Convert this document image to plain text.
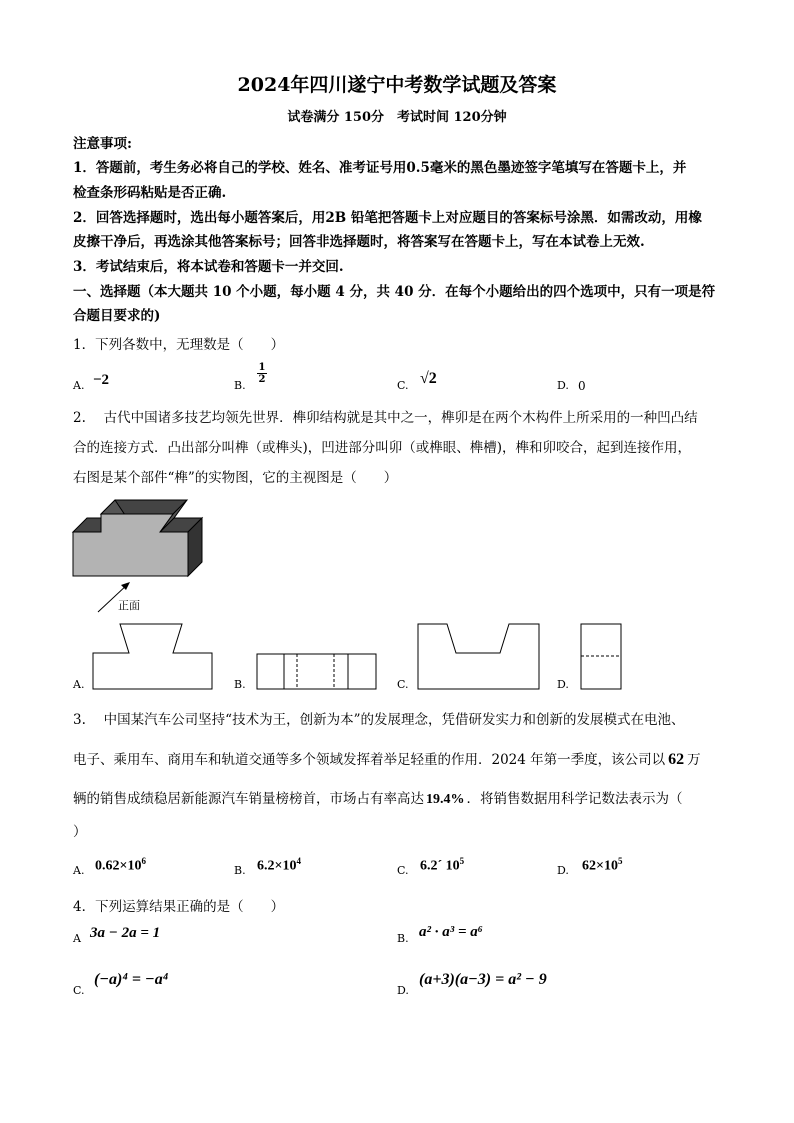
2024年四川遂宁中考数学试题及答案
试卷满分 150分　考试时间 120分钟
注意事项:
1．答题前，考生务必将自己的学校、姓名、准考证号用0.5毫米的黑色墨迹签字笔填写在答题卡上，并
检查条形码粘贴是否正确.
2．回答选择题时，选出每小题答案后，用2B 铅笔把答题卡上对应题目的答案标号涂黑．如需改动，用橡
皮擦干净后，再选涂其他答案标号；回答非选择题时，将答案写在答题卡上，写在本试卷上无效.
3．考试结束后，将本试卷和答题卡一并交回.
一、选择题（本大题共 10 个小题，每小题 4 分，共 40 分．在每个小题给出的四个选项中，只有一项是符
合题目要求的)
1．下列各数中，无理数是（　　）
A. −2	B.
$\frac{1}{2}$
C. √2	D. 0
2.　 古代中国诸多技艺均领先世界．榫卯结构就是其中之一，榫卯是在两个木构件上所采用的一种凹凸结
合的连接方式．凸出部分叫榫（或榫头)，凹进部分叫卯（或榫眼、榫槽)，榫和卯咬合，起到连接作用，
右图是某个部件“榫”的实物图，它的主视图是（　　）
正面
A.	B.	C.	D.
3.　 中国某汽车公司坚持“技术为王，创新为本”的发展理念，凭借研发实力和创新的发展模式在电池、
电子、乘用车、商用车和轨道交通等多个领域发挥着举足轻重的作用．2024 年第一季度，该公司以 62 万
辆的销售成绩稳居新能源汽车销量榜榜首，市场占有率高达 19.4% ．将销售数据用科学记数法表示为（
）
A. $0.62\times 10^6$
B. $6.2\times 10^4$
C. 6.2´ $10^5$
D. $62\times 10^5$
4．下列运算结果正确的是（　　）
A 3a − 2a = 1	B. a² · a³ = a⁶
C.
(−a)⁴ = −a⁴
D.
(a+3)(a−3) = a² − 9
